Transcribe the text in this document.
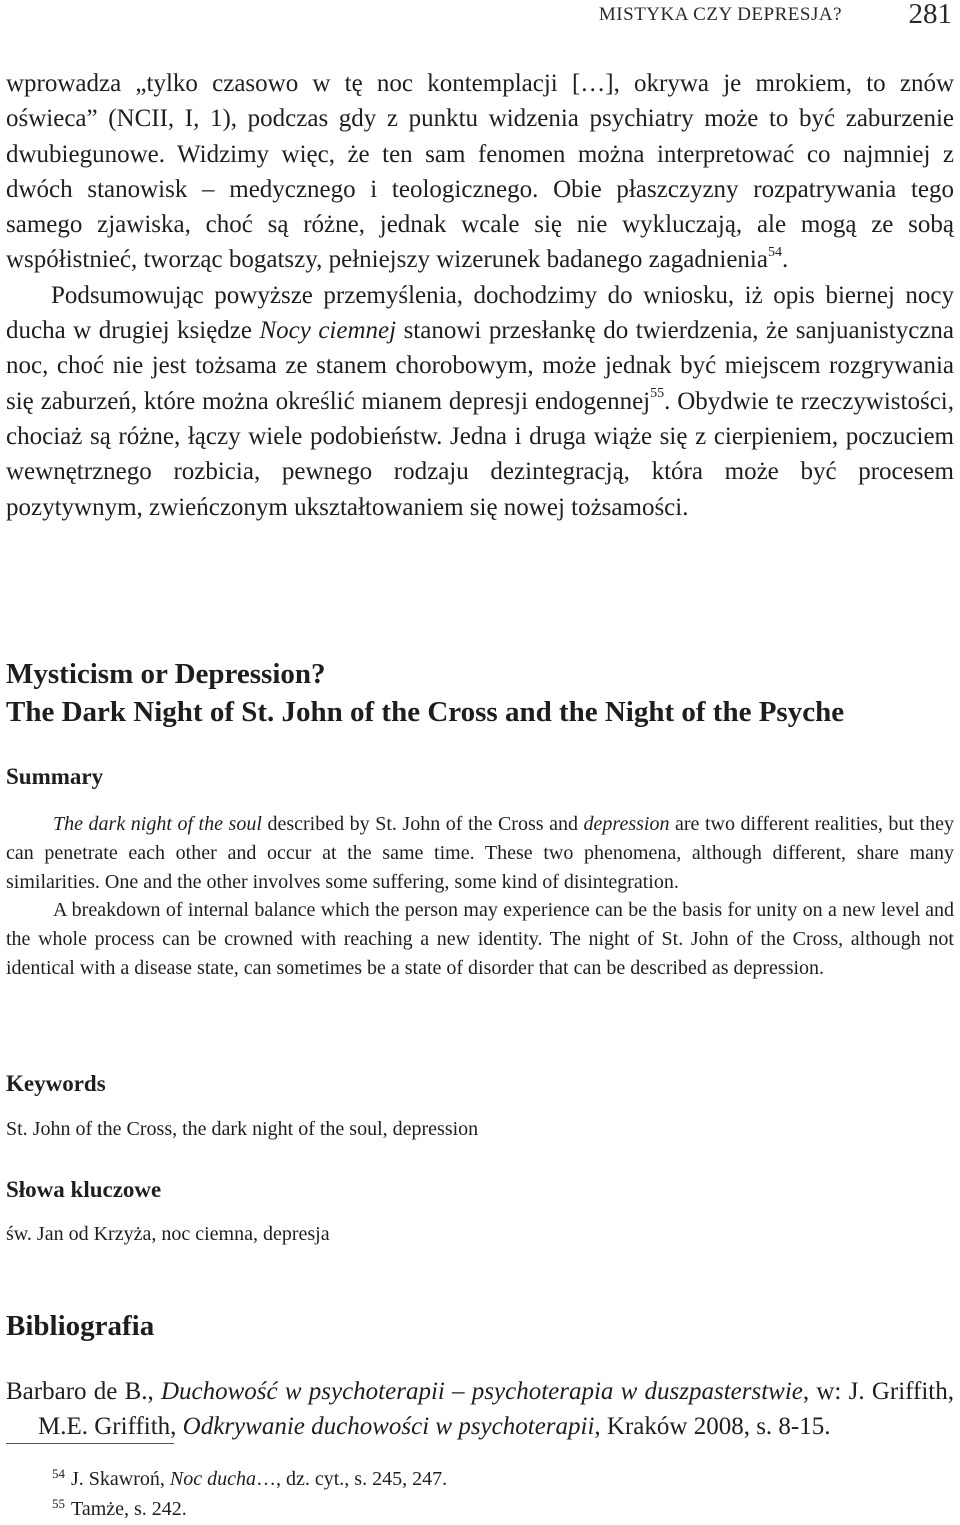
MISTYKA CZY DEPRESJA? 281

wprowadza „tylko czasowo w tę noc kontemplacji […], okrywa je mrokiem, to znów oświeca” (NCII, I, 1), podczas gdy z punktu widzenia psychiatry może to być zaburzenie dwubiegunowe. Widzimy więc, że ten sam fenomen można interpretować co najmniej z dwóch stanowisk – medycznego i teologicznego. Obie płaszczyzny rozpatrywania tego samego zjawiska, choć są różne, jednak wcale się nie wykluczają, ale mogą ze sobą współistnieć, tworząc bogatszy, pełniejszy wizerunek badanego zagadnienia$^{54}$.

Podsumowując powyższe przemyślenia, dochodzimy do wniosku, iż opis biernej nocy ducha w drugiej księdze Nocy ciemnej stanowi przesłankę do twierdzenia, że sanjuanistyczna noc, choć nie jest tożsama ze stanem chorobowym, może jednak być miejscem rozgrywania się zaburzeń, które można określić mianem depresji endogennej$^{55}$. Obydwie te rzeczywistości, chociaż są różne, łączy wiele podobieństw. Jedna i druga wiąże się z cierpieniem, poczuciem wewnętrznego rozbicia, pewnego rodzaju dezintegracją, która może być procesem pozytywnym, zwieńczonym ukształtowaniem się nowej tożsamości.

Mysticism or Depression?
The Dark Night of St. John of the Cross and the Night of the Psyche
Summary

The dark night of the soul described by St. John of the Cross and depression are two different realities, but they can penetrate each other and occur at the same time. These two phenomena, although different, share many similarities. One and the other involves some suffering, some kind of disintegration.

A breakdown of internal balance which the person may experience can be the basis for unity on a new level and the whole process can be crowned with reaching a new identity. The night of St. John of the Cross, although not identical with a disease state, can sometimes be a state of disorder that can be described as depression.

Keywords
St. John of the Cross, the dark night of the soul, depression
Słowa kluczowe
św. Jan od Krzyża, noc ciemna, depresja
Bibliografia
Barbaro de B., Duchowość w psychoterapii – psychoterapia w duszpasterstwie, w: J. Griffith, M.E. Griffith, Odkrywanie duchowości w psychoterapii, Kraków 2008, s. 8-15.
$^{54}$ J. Skawroń, Noc ducha…, dz. cyt., s. 245, 247.
$^{55}$ Tamże, s. 242.
